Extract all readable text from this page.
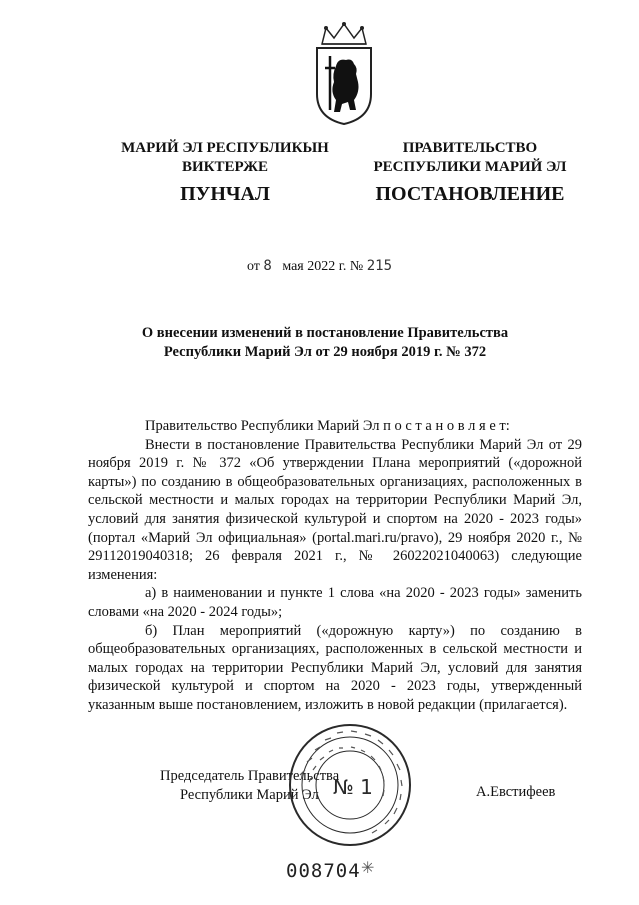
МАРИЙ ЭЛ РЕСПУБЛИКЫН
ВИКТЕРЖЕ
ПРАВИТЕЛЬСТВО
РЕСПУБЛИКИ МАРИЙ ЭЛ
ПУНЧАЛ	ПОСТАНОВЛЕНИЕ
от 8 мая 2022 г. № 215
О внесении изменений в постановление Правительства
Республики Марий Эл от 29 ноября 2019 г. № 372

Правительство Республики Марий Эл п о с т а н о в л я е т:

Внести в постановление Правительства Республики Марий Эл от 29 ноября 2019 г. № 372 «Об утверждении Плана мероприятий («дорожной карты») по созданию в общеобразовательных организациях, расположенных в сельской местности и малых городах на территории Республики Марий Эл, условий для занятия физической культурой и спортом на 2020 - 2023 годы» (портал «Марий Эл официальная» (portal.mari.ru/pravo), 29 ноября 2020 г., № 29112019040318; 26 февраля 2021 г., № 26022021040063) следующие изменения:

а) в наименовании и пункте 1 слова «на 2020 - 2023 годы» заменить словами «на 2020 - 2024 годы»;

б) План мероприятий («дорожную карту») по созданию в общеобразовательных организациях, расположенных в сельской местности и малых городах на территории Республики Марий Эл, условий для занятия физической культурой и спортом на 2020 - 2023 годы, утвержденный указанным выше постановлением, изложить в новой редакции (прилагается).

Председатель Правительства
Республики Марий Эл	А.Евстифеев
№ 1
008704 ✳
